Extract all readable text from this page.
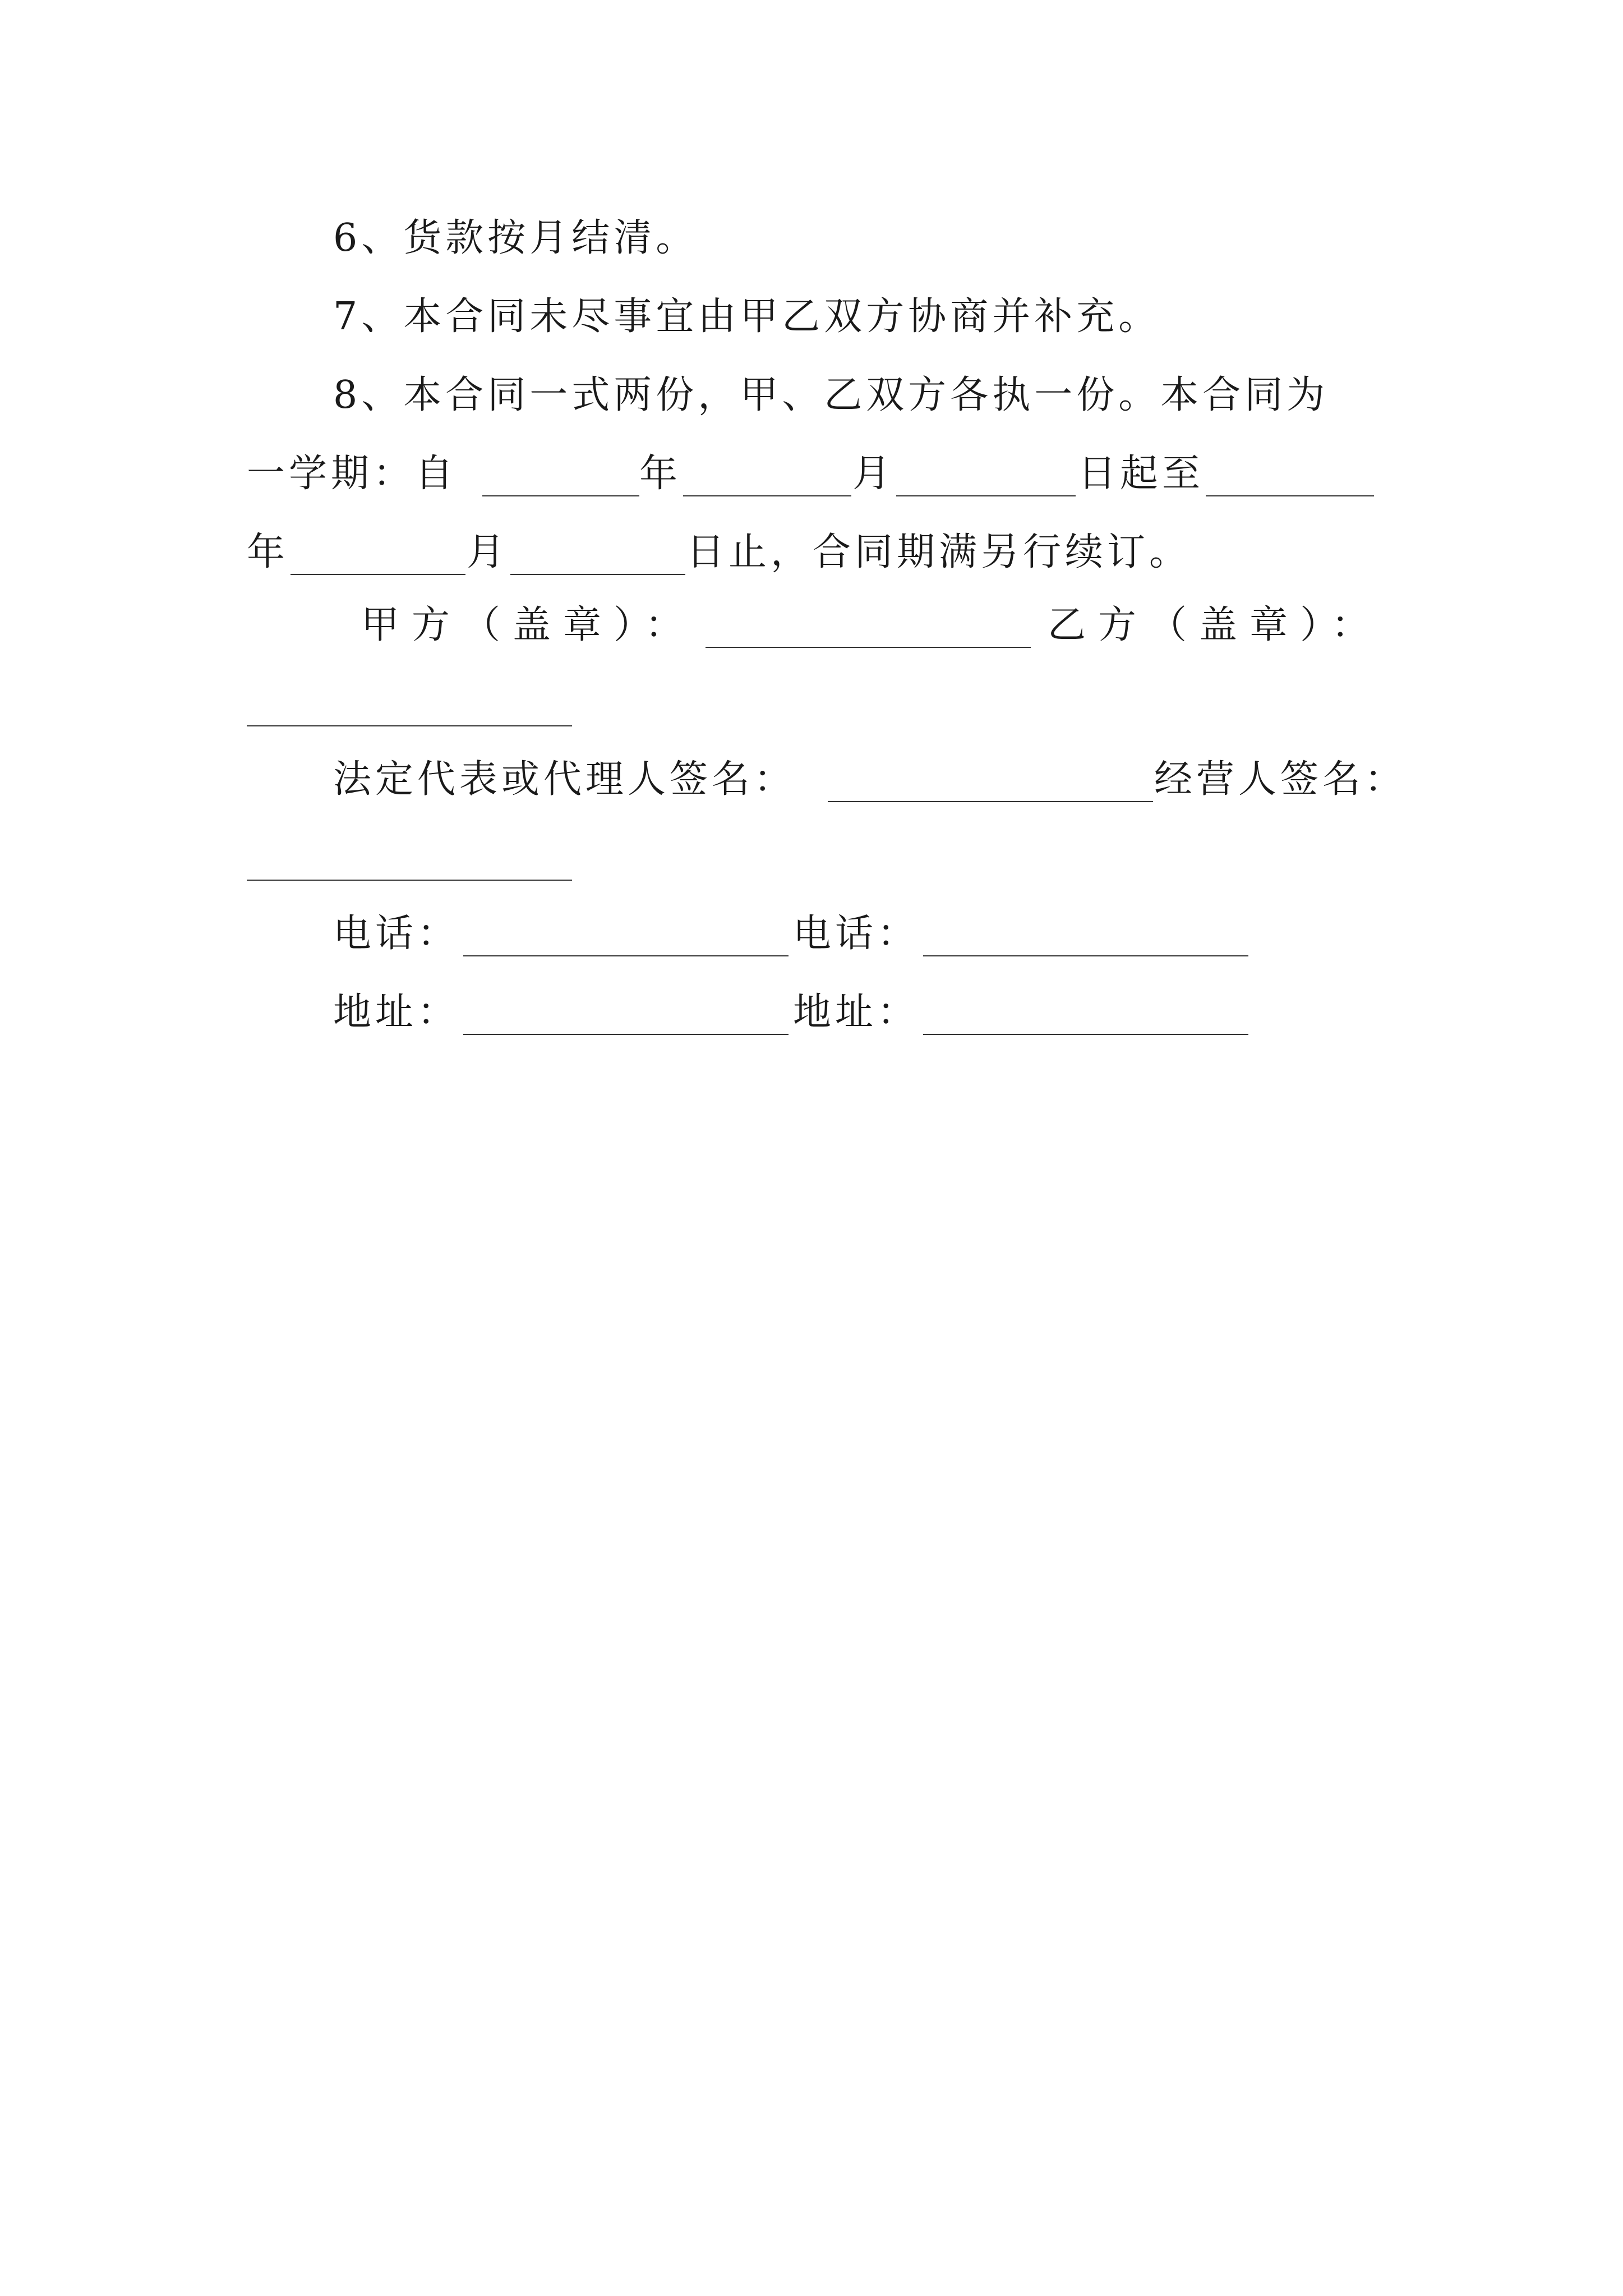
6、货款按月结清。
7、本合同未尽事宜由甲乙双方协商并补充。
8、本合同一式两份，甲、乙双方各执一份。本合同为
一学期：自	年	月	日起至
年	月	日止，合同期满另行续订。
甲方（盖章）：	乙方（盖章）：
法定代表或代理人签名：	经营人签名：
电话：	电话：
地址：	地址：
